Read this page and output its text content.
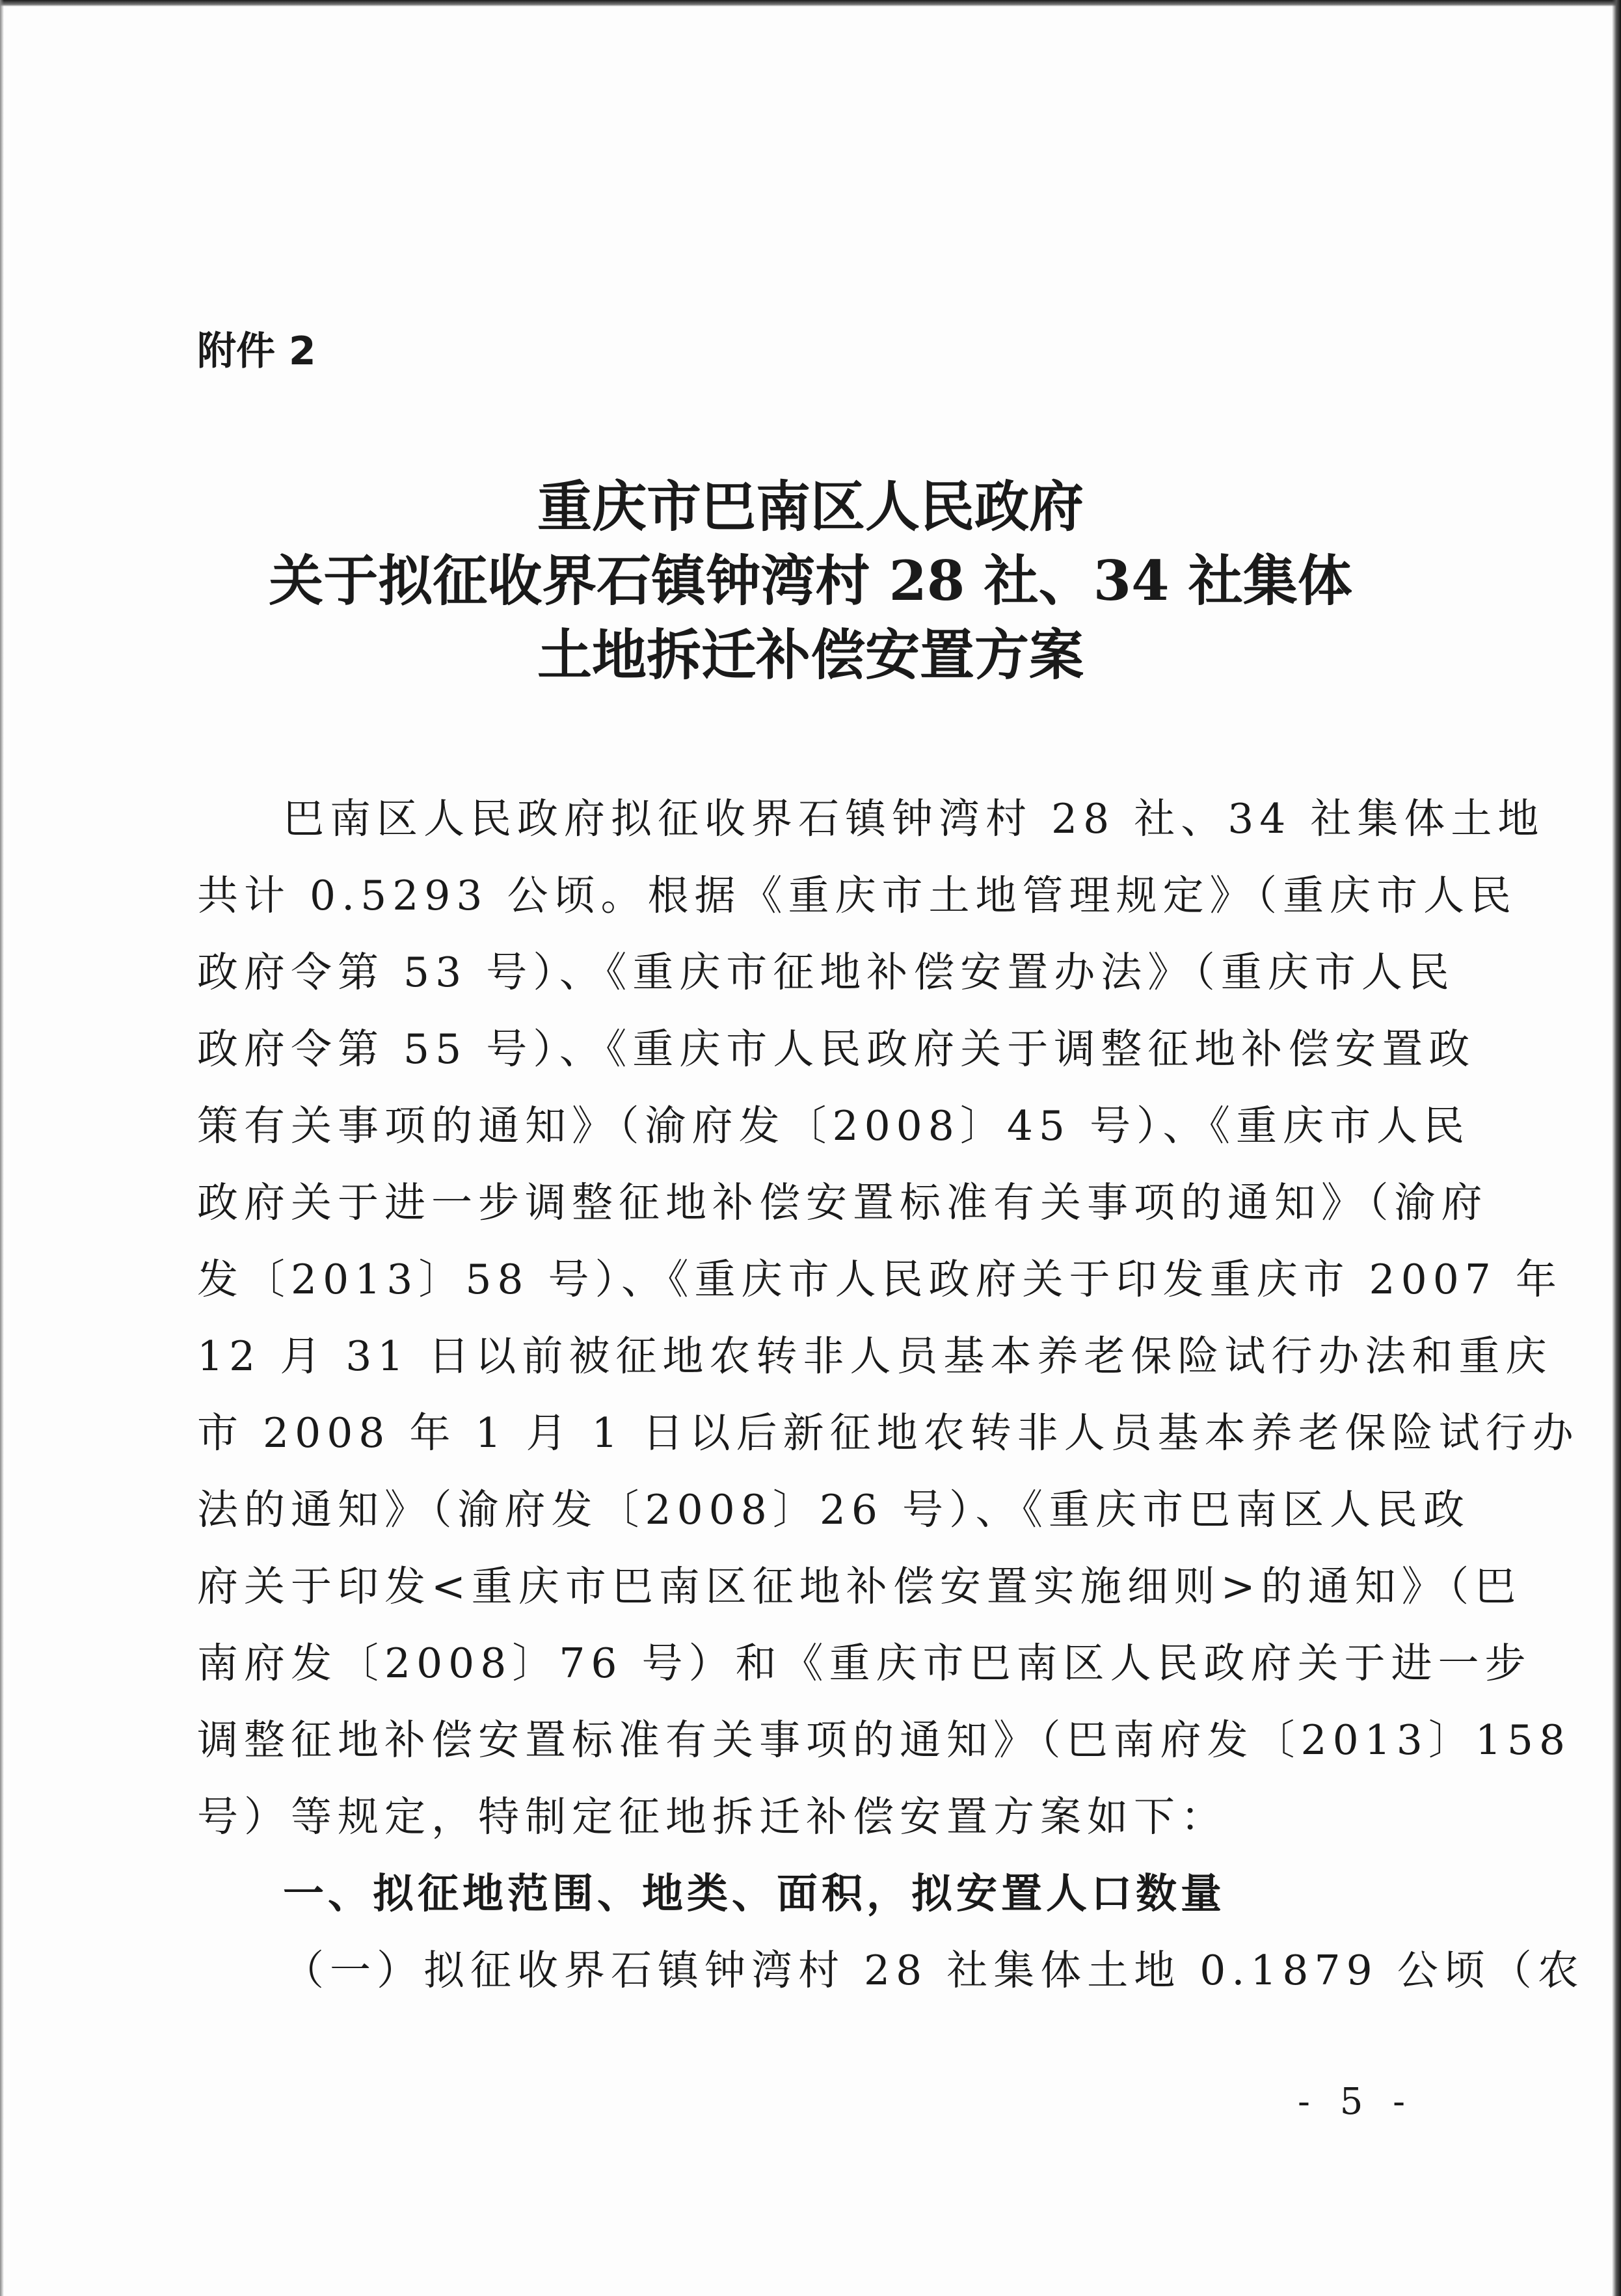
附件 2

重庆市巴南区人民政府
关于拟征收界石镇钟湾村 28 社、34 社集体
土地拆迁补偿安置方案
巴南区人民政府拟征收界石镇钟湾村 28 社、34 社集体土地
共计 0.5293 公顷。根据《重庆市土地管理规定》（重庆市人民
政府令第 53 号）、《重庆市征地补偿安置办法》（重庆市人民
政府令第 55 号）、《重庆市人民政府关于调整征地补偿安置政
策有关事项的通知》（渝府发〔2008〕45 号）、《重庆市人民
政府关于进一步调整征地补偿安置标准有关事项的通知》（渝府
发〔2013〕58 号）、《重庆市人民政府关于印发重庆市 2007 年
12 月 31 日以前被征地农转非人员基本养老保险试行办法和重庆
市 2008 年 1 月 1 日以后新征地农转非人员基本养老保险试行办
法的通知》（渝府发〔2008〕26 号）、《重庆市巴南区人民政
府关于印发<重庆市巴南区征地补偿安置实施细则>的通知》（巴
南府发〔2008〕76 号）和《重庆市巴南区人民政府关于进一步
调整征地补偿安置标准有关事项的通知》（巴南府发〔2013〕158
号）等规定，特制定征地拆迁补偿安置方案如下：
一、拟征地范围、地类、面积，拟安置人口数量
（一）拟征收界石镇钟湾村 28 社集体土地 0.1879 公顷（农

- 5 -
